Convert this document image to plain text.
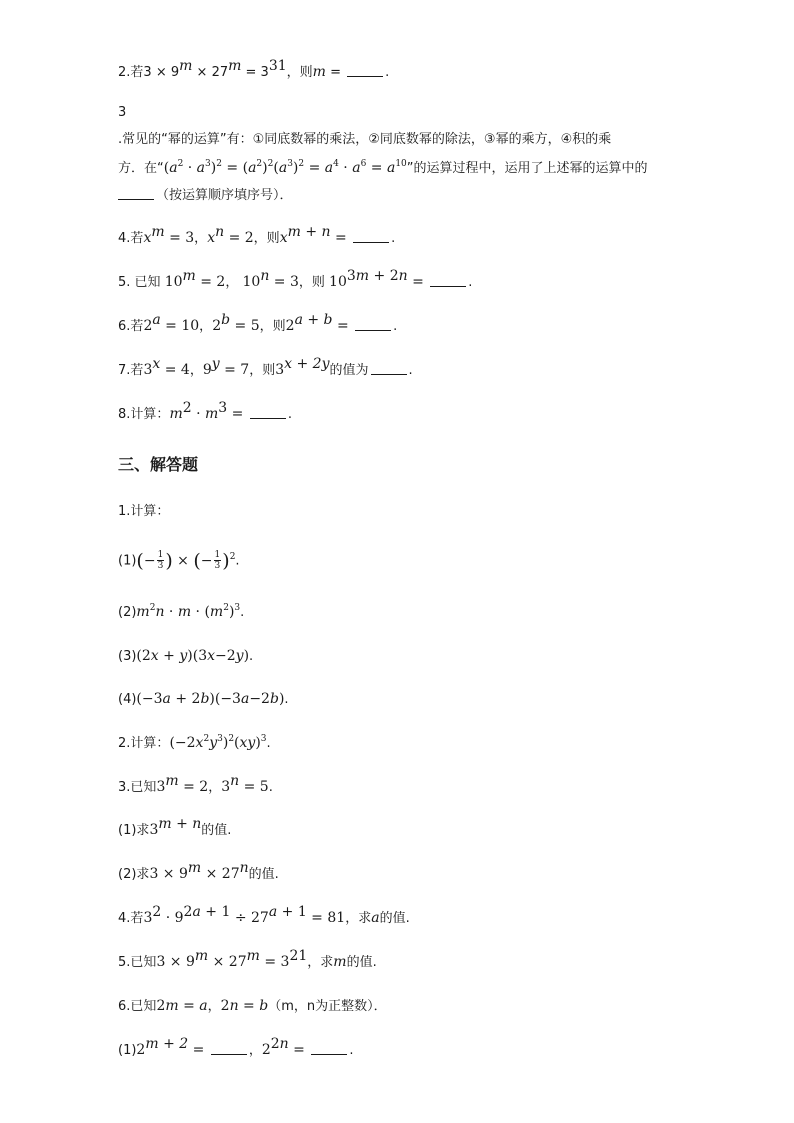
2.若$3 \times 9^m \times 27^m = 3^{31}$，则m =	.
3
.常见的“幂的运算”有：①同底数幂的乘法，②同底数幂的除法，③幂的乘方，④积的乘
方．在“$(a^2 \cdot a^3)^2 = (a^2)^2(a^3)^2 = a^4 \cdot a^6 = a^{10}$”的运算过程中，运用了上述幂的运算中的
（按运算顺序填序号）．
4.若$x^m = 3$，$x^n = 2$，则$x^{m + n}$ =	.
5. 已知 $10^m = 2$， $10^n = 3$，则 $10^{3m + 2n}$ =	.
6.若$2^a = 10$，$2^b = 5$，则$2^{a + b}$ =	.
7.若$3^x = 4$，$9^y = 7$，则$3^{x + 2y}$的值为	.
8.计算：$m^2 \cdot m^3$ =	.
三、解答题
1.计算：
$(1)(- \frac{1}{3}$ ) × (− $\frac{1}{3} )^2$.
$(2)m^2n \cdot m \cdot (m^2)^3$.
(3)(2x + y)(3x−2y).
(4)(−3a + 2b)(−3a−2b).
2.计算：$(-2x^2y^3)^2(xy)^3$.
3.已知$3^m = 2$，$3^n = 5$.
(1)求$3^{m + n}$的值.
(2)求$3 \times 9^m \times 27^n$的值.
4.若$3^2 \cdot 9^{2a + 1} \div 27^{a + 1} = 81$，求a的值.
5.已知$3 \times 9^m \times 27^m = 3^{21}$，求m的值.
6.已知2m = a，2n = b（m，n为正整数）．
$(1)2^{m + 2}$ =	，$2^{2n}$ =	.
